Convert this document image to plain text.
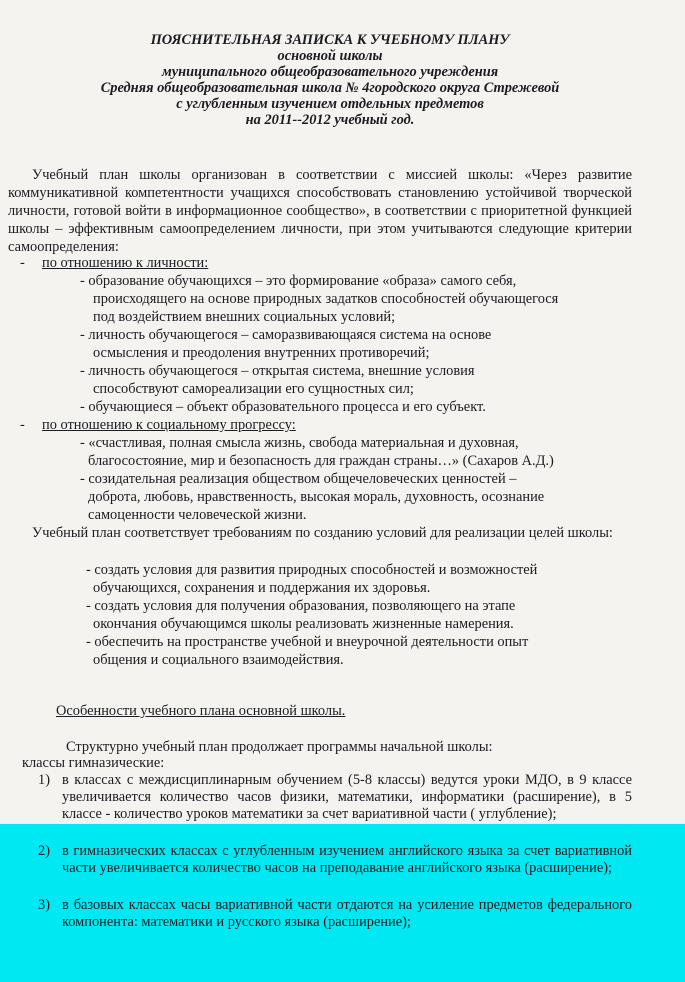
ПОЯСНИТЕЛЬНАЯ ЗАПИСКА К УЧЕБНОМУ ПЛАНУ
основной школы
муниципального общеобразовательного учреждения
Средняя общеобразовательная школа № 4городского округа Стрежевой
с углубленным изучением отдельных предметов
на 2011--2012 учебный год.
Учебный план школы организован в соответствии с миссией школы: «Через развитие коммуникативной компетентности учащихся способствовать становлению устойчивой творческой личности, готовой войти в информационное сообщество», в соответствии с приоритетной функцией школы – эффективным самоопределением личности, при этом учитываются следующие критерии самоопределения:
- по отношению к личности:
- образование обучающихся – это формирование «образа» самого себя,
происходящего на основе природных задатков способностей обучающегося
под воздействием внешних социальных условий;
- личность обучающегося – саморазвивающаяся система на основе
осмысления и преодоления внутренних противоречий;
- личность обучающегося – открытая система, внешние условия
способствуют самореализации его сущностных сил;
- обучающиеся – объект образовательного процесса и его субъект.
- по отношению к социальному прогрессу:
- «счастливая, полная смысла жизнь, свобода материальная и духовная,
благосостояние, мир и безопасность для граждан страны…» (Сахаров А.Д.)
- созидательная реализация обществом общечеловеческих ценностей –
доброта, любовь, нравственность, высокая мораль, духовность, осознание
самоценности человеческой жизни.
Учебный план соответствует требованиям по созданию условий для реализации целей школы:
- создать условия для развития природных способностей и возможностей
обучающихся, сохранения и поддержания их здоровья.
- создать условия для получения образования, позволяющего на этапе
окончания обучающимся школы реализовать жизненные намерения.
- обеспечить на пространстве учебной и внеурочной деятельности опыт
общения и социального взаимодействия.
Особенности учебного плана основной школы.
Структурно учебный план продолжает программы начальной школы:
классы гимназические:
1) в классах с междисциплинарным обучением (5-8 классы) ведутся уроки МДО, в 9 классе увеличивается количество часов физики, математики, информатики (расширение), в 5 классе - количество уроков математики за счет вариативной части ( углубление);
2) в гимназических классах с углубленным изучением английского языка за счет вариативной части увеличивается количество часов на преподавание английского языка (расширение);
3) в базовых классах часы вариативной части отдаются на усиление предметов федерального компонента: математики и русского языка (расширение);
